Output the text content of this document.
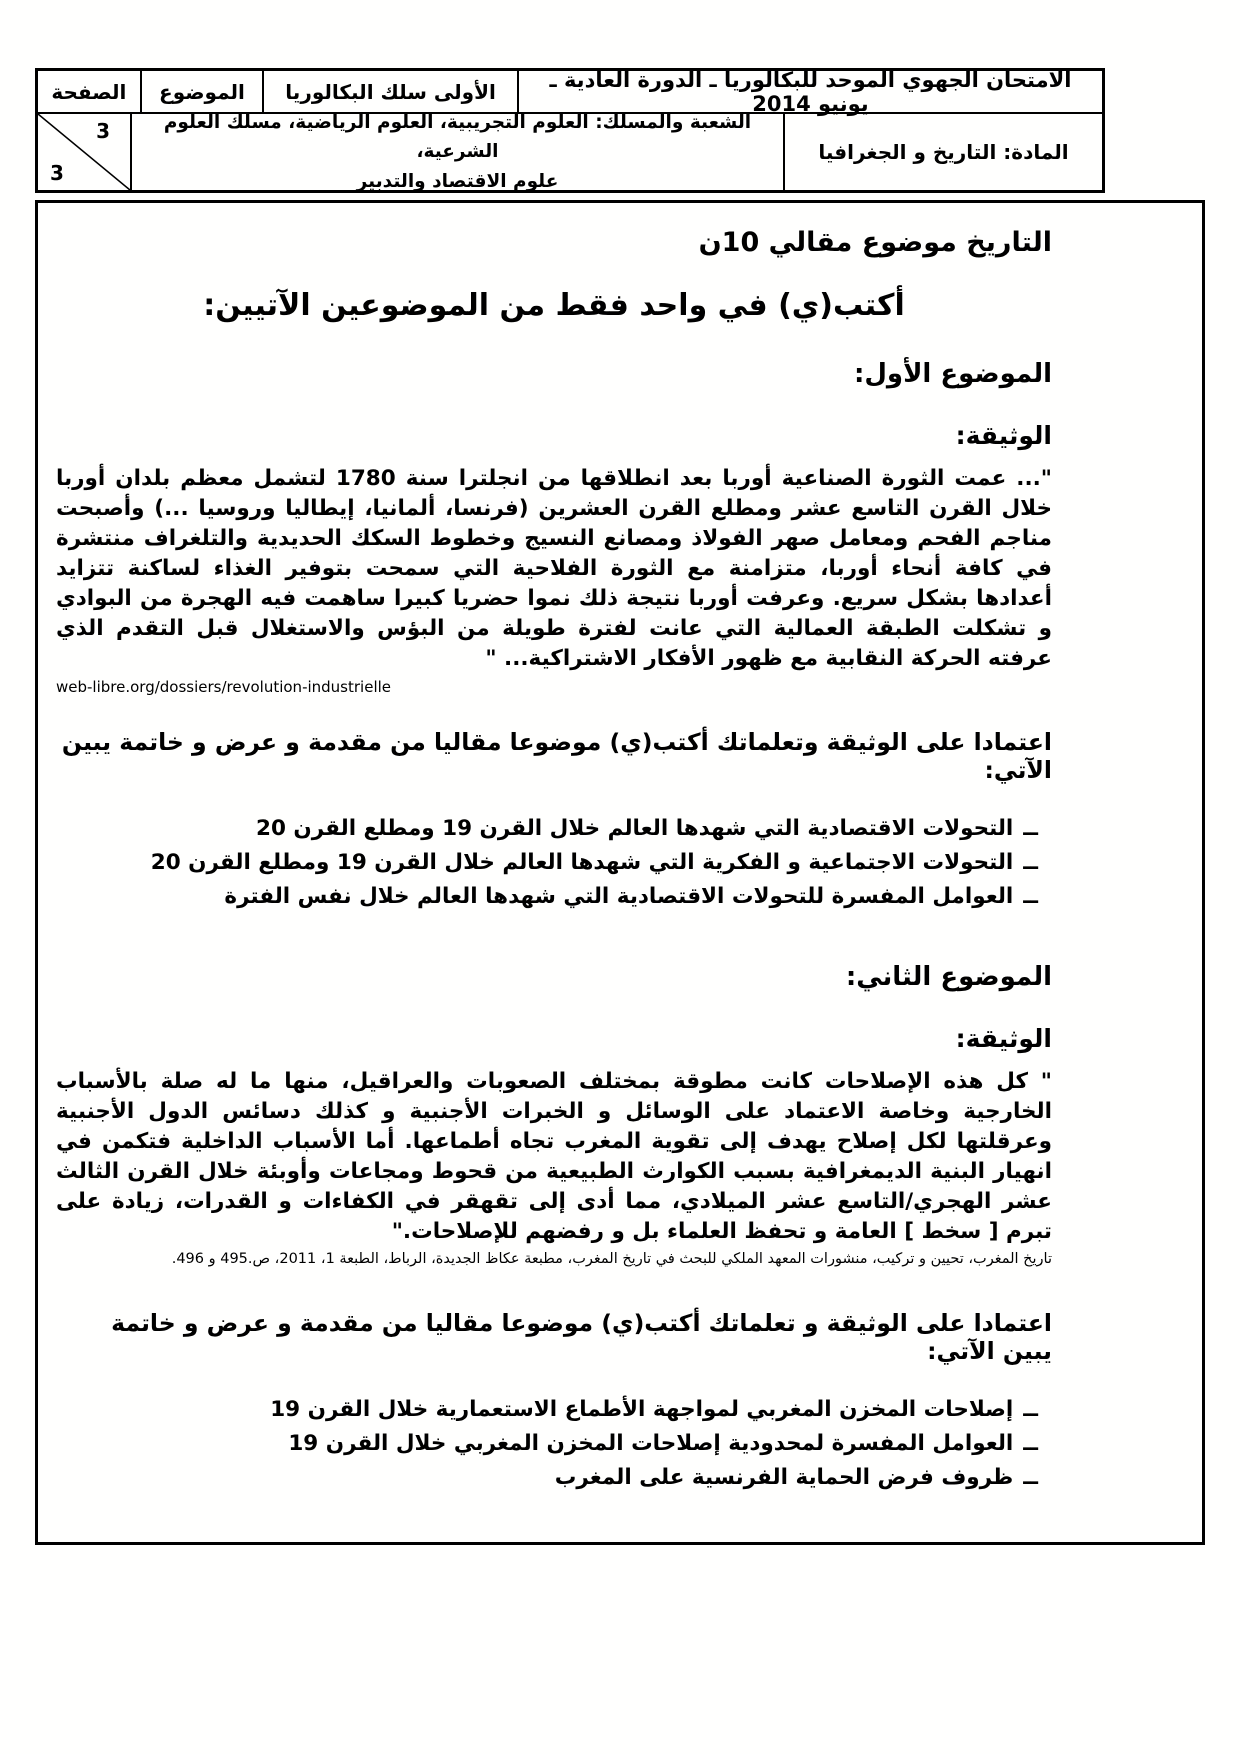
الامتحان الجهوي الموحد للبكالوريا ـ الدورة العادية ـ يونيو 2014
الأولى سلك البكالوريا
الموضوع
الصفحة
المادة: التاريخ و الجغرافيا
الشعبة والمسلك: العلوم التجريبية، العلوم الرياضية، مسلك العلوم الشرعية،
علوم الاقتصاد والتدبير
3
3
التاريخ موضوع مقالي 10ن
أكتب(ي) في واحد فقط من الموضوعين الآتيين:
الموضوع الأول:
الوثيقة:
"... عمت الثورة الصناعية أوربا بعد انطلاقها من انجلترا سنة 1780 لتشمل معظم بلدان أوربا خلال القرن التاسع عشر ومطلع القرن العشرين (فرنسا، ألمانيا، إيطاليا وروسيا ...) وأصبحت مناجم الفحم ومعامل صهر الفولاذ ومصانع النسيج وخطوط السكك الحديدية والتلغراف منتشرة في كافة أنحاء أوربا، متزامنة مع الثورة الفلاحية التي سمحت بتوفير الغذاء لساكنة تتزايد أعدادها بشكل سريع. وعرفت أوربا نتيجة ذلك نموا حضريا كبيرا ساهمت فيه الهجرة من البوادي و تشكلت الطبقة العمالية التي عانت لفترة طويلة من البؤس والاستغلال قبل التقدم الذي عرفته الحركة النقابية مع ظهور الأفكار الاشتراكية... "
web-libre.org/dossiers/revolution-industrielle
اعتمادا على الوثيقة وتعلماتك أكتب(ي) موضوعا مقاليا من مقدمة و عرض و خاتمة يبين الآتي:
ــ
التحولات الاقتصادية التي شهدها العالم خلال القرن 19 ومطلع القرن 20
ــ
التحولات الاجتماعية و الفكرية التي شهدها العالم خلال القرن 19 ومطلع القرن 20
ــ
العوامل المفسرة للتحولات الاقتصادية التي شهدها العالم خلال نفس الفترة
الموضوع الثاني:
الوثيقة:
" كل هذه الإصلاحات كانت مطوقة بمختلف الصعوبات والعراقيل، منها ما له صلة بالأسباب الخارجية وخاصة الاعتماد على الوسائل و الخبرات الأجنبية و كذلك دسائس الدول الأجنبية وعرقلتها لكل إصلاح يهدف إلى تقوية المغرب تجاه أطماعها. أما الأسباب الداخلية فتكمن في انهيار البنية الديمغرافية بسبب الكوارث الطبيعية من قحوط ومجاعات وأوبئة خلال القرن الثالث عشر الهجري/التاسع عشر الميلادي، مما أدى إلى تقهقر في الكفاءات و القدرات، زيادة على تبرم [ سخط ] العامة و تحفظ العلماء بل و رفضهم للإصلاحات."
تاريخ المغرب، تحيين و تركيب، منشورات المعهد الملكي للبحث في تاريخ المغرب، مطبعة عكاظ الجديدة، الرباط، الطبعة 1، 2011، ص.495 و 496.
اعتمادا على الوثيقة و تعلماتك أكتب(ي) موضوعا مقاليا من مقدمة و عرض و خاتمة يبين الآتي:
ــ
إصلاحات المخزن المغربي لمواجهة الأطماع الاستعمارية خلال القرن 19
ــ
العوامل المفسرة لمحدودية إصلاحات المخزن المغربي خلال القرن 19
ــ
ظروف فرض الحماية الفرنسية على المغرب
